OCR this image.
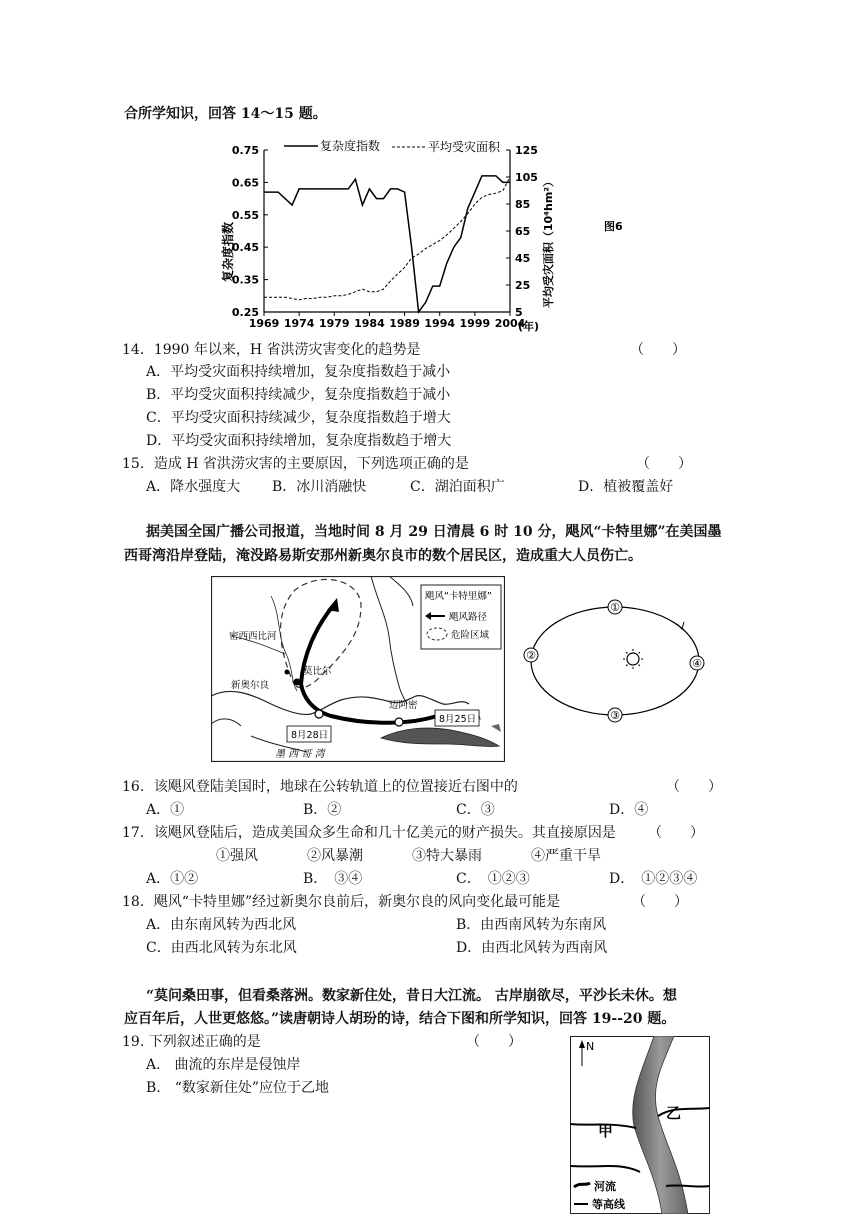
合所学知识，回答 14～15 题。
0.75
0.65
0.55
0.45
0.35
0.25
125
105
85
65
45
25
5
1969 1974 1979 1984 1989 1994 1999 2004
复杂度指数	平均受灾面积
复杂度指数	平均受灾面积（10⁴hm²）	图6
(年)
14．1990 年以来，H 省洪涝灾害变化的趋势是	（　　）
A．平均受灾面积持续增加，复杂度指数趋于减小
B．平均受灾面积持续减少，复杂度指数趋于减小
C．平均受灾面积持续减少，复杂度指数趋于增大
D．平均受灾面积持续增加，复杂度指数趋于增大
15．造成 H 省洪涝灾害的主要原因，下列选项正确的是	（　　）
A．降水强度大 B．冰川消融快	C．湖泊面积广	D．植被覆盖好
据美国全国广播公司报道，当地时间 8 月 29 日清晨 6 时 10 分，飓风“卡特里娜”在美国墨
西哥湾沿岸登陆，淹没路易斯安那州新奥尔良市的数个居民区，造成重大人员伤亡。
飓风“卡特里娜”
飓风路径
危险区域
密西西比河
新奥尔良
莫比尔
迈阿密
8月25日
8月28日
墨 西 哥 湾
①
②
③
④
16．该飓风登陆美国时，地球在公转轨道上的位置接近右图中的	（　　）
A．①	B．②	C．③	D．④
17．该飓风登陆后，造成美国众多生命和几十亿美元的财产损失。其直接原因是 （　　）
①强风	②风暴潮	③特大暴雨	④严重干旱
A．①②	B．　③④	C．　①②③	D．　①②③④
18．飓风“卡特里娜”经过新奥尔良前后，新奥尔良的风向变化最可能是	（　　）
A．由东南风转为西北风	B．由西南风转为东南风
C．由西北风转为东北风	D．由西北风转为西南风
“莫问桑田事，但看桑落洲。数家新住处，昔日大江流。 古岸崩欲尽，平沙长未休。想
应百年后，人世更悠悠。”读唐朝诗人胡玢的诗，结合下图和所学知识，回答 19--20 题。
19. 下列叙述正确的是	（　　）
A.　曲流的东岸是侵蚀岸
B.　“数家新住处”应位于乙地
N
甲
乙
河流
等高线
